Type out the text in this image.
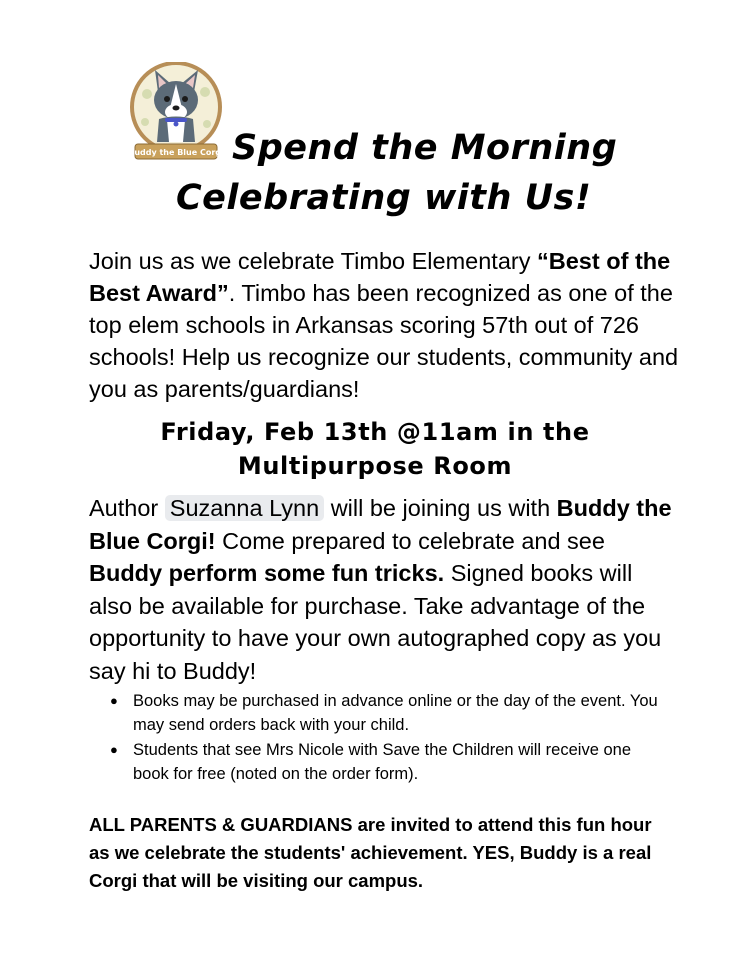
Buddy the Blue Corgi Spend the Morning
Celebrating with Us!
Join us as we celebrate Timbo Elementary “Best of the Best Award”. Timbo has been recognized as one of the top elem schools in Arkansas scoring 57th out of 726 schools! Help us recognize our students, community and you as parents/guardians!
Friday, Feb 13th @11am in the
Multipurpose Room
Author Suzanna Lynn will be joining us with Buddy the Blue Corgi! Come prepared to celebrate and see Buddy perform some fun tricks. Signed books will also be available for purchase. Take advantage of the opportunity to have your own autographed copy as you say hi to Buddy!
● Books may be purchased in advance online or the day of the event. You may send orders back with your child.
● Students that see Mrs Nicole with Save the Children will receive one book for free (noted on the order form).
ALL PARENTS & GUARDIANS are invited to attend this fun hour as we celebrate the students' achievement. YES, Buddy is a real Corgi that will be visiting our campus.
